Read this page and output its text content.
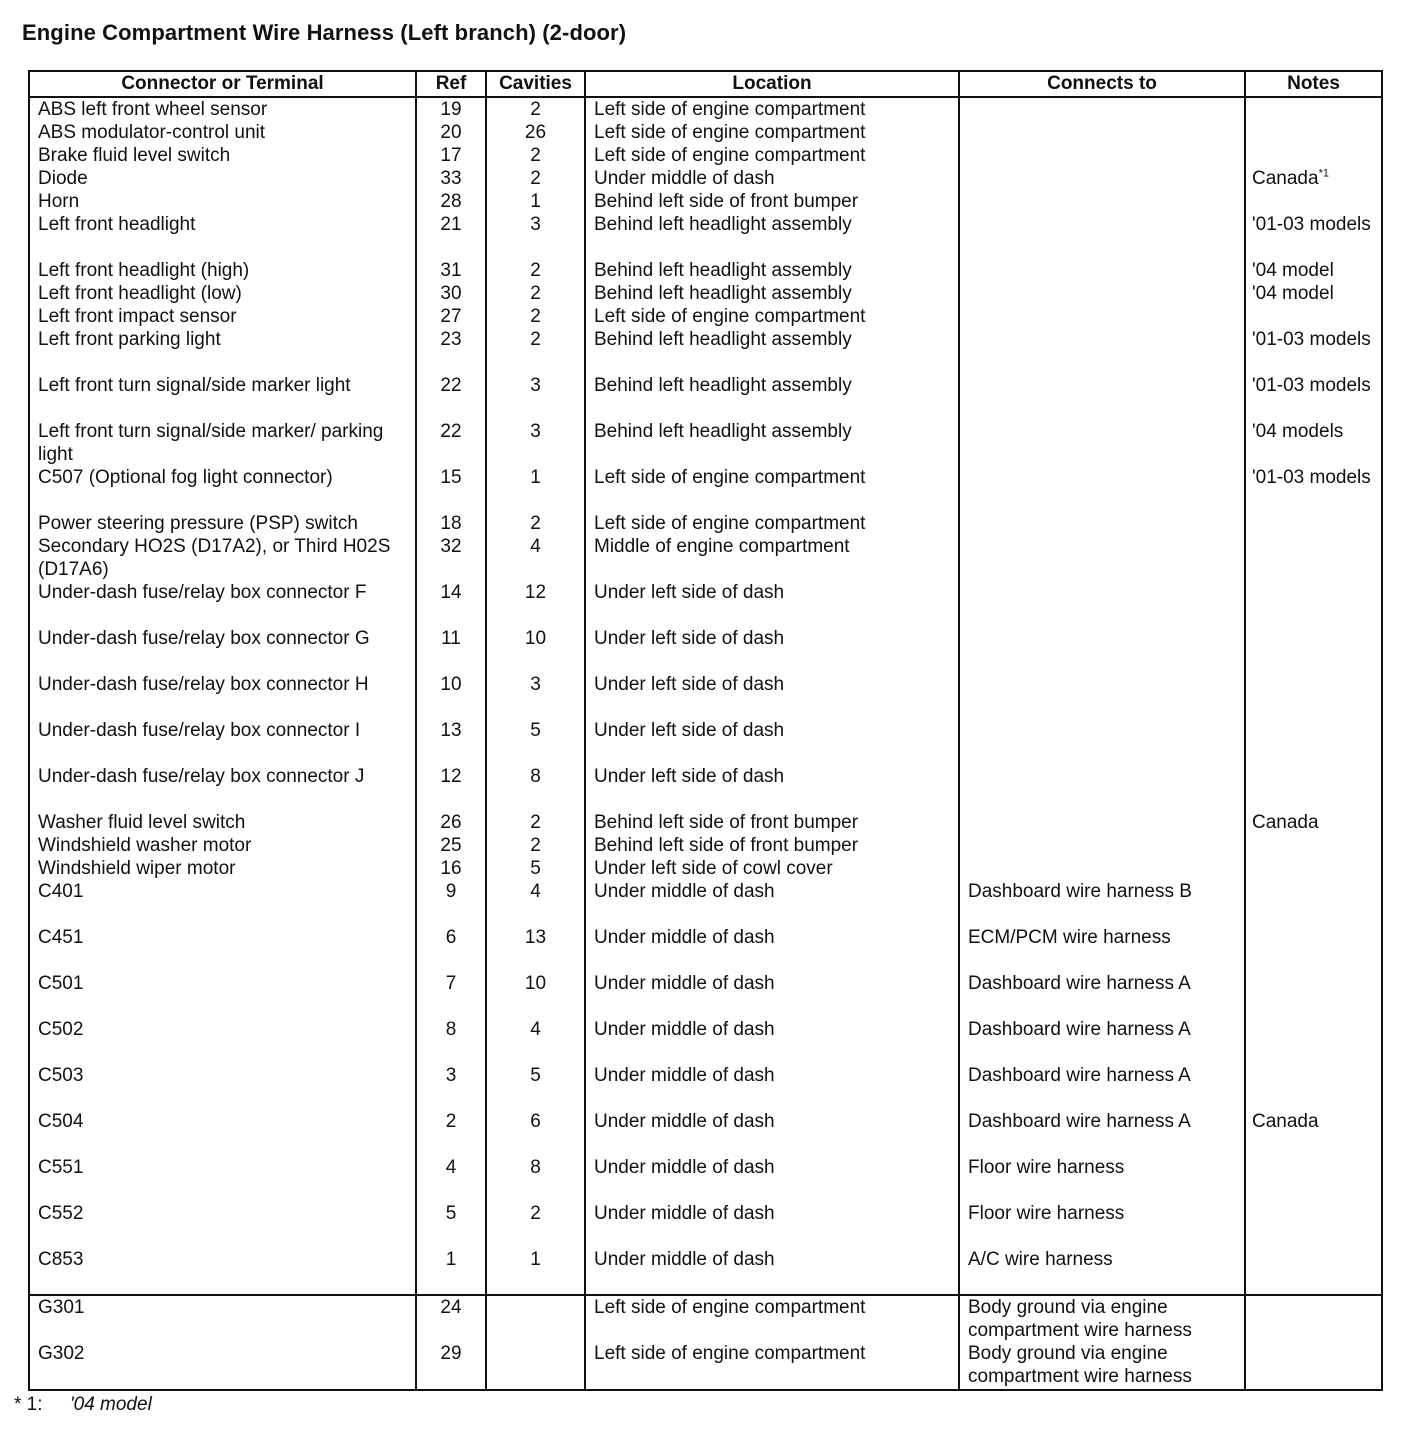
Engine Compartment Wire Harness (Left branch) (2-door)
Connector or Terminal	Ref	Cavities	Location	Connects to	Notes
ABS left front wheel sensor	19	2	Left side of engine compartment		
ABS modulator-control unit	20	26	Left side of engine compartment		
Brake fluid level switch	17	2	Left side of engine compartment		
Diode	33	2	Under middle of dash		Canada$^{*1}$
Horn	28	1	Behind left side of front bumper		
Left front headlight	21	3	Behind left headlight assembly		'01-03 models
Left front headlight (high)	31	2	Behind left headlight assembly		'04 model
Left front headlight (low)	30	2	Behind left headlight assembly		'04 model
Left front impact sensor	27	2	Left side of engine compartment		
Left front parking light	23	2	Behind left headlight assembly		'01-03 models
Left front turn signal/side marker light	22	3	Behind left headlight assembly		'01-03 models
Left front turn signal/side marker/ parking light	22	3	Behind left headlight assembly		'04 models
C507 (Optional fog light connector)	15	1	Left side of engine compartment		'01-03 models
Power steering pressure (PSP) switch	18	2	Left side of engine compartment		
Secondary HO2S (D17A2), or Third H02S (D17A6)	32	4	Middle of engine compartment		
Under-dash fuse/relay box connector F	14	12	Under left side of dash		
Under-dash fuse/relay box connector G	11	10	Under left side of dash		
Under-dash fuse/relay box connector H	10	3	Under left side of dash		
Under-dash fuse/relay box connector I	13	5	Under left side of dash		
Under-dash fuse/relay box connector J	12	8	Under left side of dash		
Washer fluid level switch	26	2	Behind left side of front bumper		Canada
Windshield washer motor	25	2	Behind left side of front bumper		
Windshield wiper motor	16	5	Under left side of cowl cover		
C401	9	4	Under middle of dash	Dashboard wire harness B	
C451	6	13	Under middle of dash	ECM/PCM wire harness	
C501	7	10	Under middle of dash	Dashboard wire harness A	
C502	8	4	Under middle of dash	Dashboard wire harness A	
C503	3	5	Under middle of dash	Dashboard wire harness A	
C504	2	6	Under middle of dash	Dashboard wire harness A	Canada
C551	4	8	Under middle of dash	Floor wire harness	
C552	5	2	Under middle of dash	Floor wire harness	
C853	1	1	Under middle of dash	A/C wire harness	
G301	24		Left side of engine compartment	Body ground via engine compartment wire harness	
G302	29		Left side of engine compartment	Body ground via engine compartment wire harness	
* 1: '04 model
